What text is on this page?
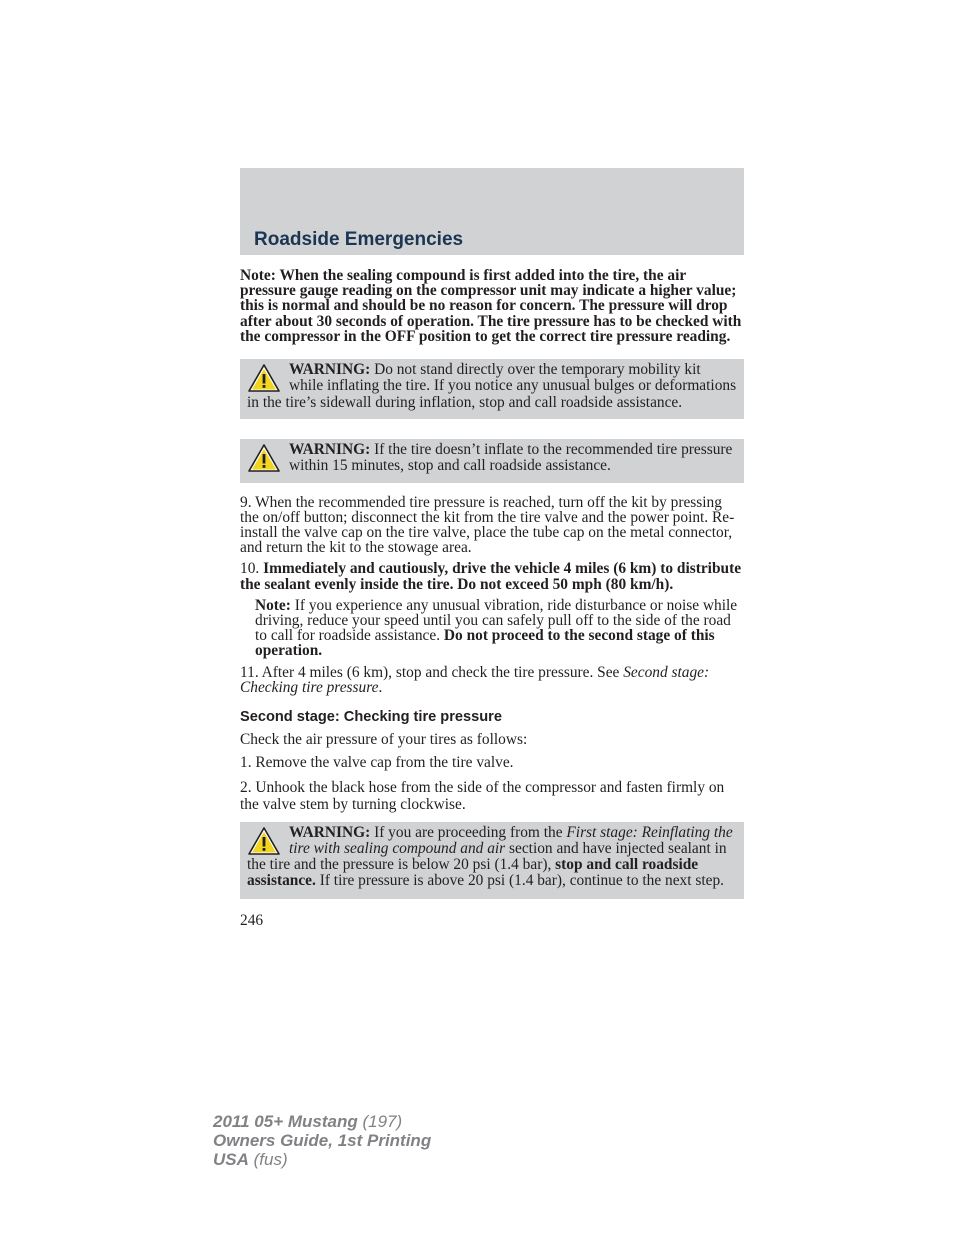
Roadside Emergencies

Note: When the sealing compound is first added into the tire, the air pressure gauge reading on the compressor unit may indicate a higher value; this is normal and should be no reason for concern. The pressure will drop after about 30 seconds of operation. The tire pressure has to be checked with the compressor in the OFF position to get the correct tire pressure reading.

WARNING: Do not stand directly over the temporary mobility kit while inflating the tire. If you notice any unusual bulges or deformations in the tire’s sidewall during inflation, stop and call roadside assistance.

WARNING: If the tire doesn’t inflate to the recommended tire pressure within 15 minutes, stop and call roadside assistance.

9. When the recommended tire pressure is reached, turn off the kit by pressing the on/off button; disconnect the kit from the tire valve and the power point. Re-install the valve cap on the tire valve, place the tube cap on the metal connector, and return the kit to the stowage area.

10. Immediately and cautiously, drive the vehicle 4 miles (6 km) to distribute the sealant evenly inside the tire. Do not exceed 50 mph (80 km/h).

Note: If you experience any unusual vibration, ride disturbance or noise while driving, reduce your speed until you can safely pull off to the side of the road to call for roadside assistance. Do not proceed to the second stage of this operation.

11. After 4 miles (6 km), stop and check the tire pressure. See Second stage: Checking tire pressure.

Second stage: Checking tire pressure

Check the air pressure of your tires as follows:

1. Remove the valve cap from the tire valve.

2. Unhook the black hose from the side of the compressor and fasten firmly on the valve stem by turning clockwise.

WARNING: If you are proceeding from the First stage: Reinflating the tire with sealing compound and air section and have injected sealant in the tire and the pressure is below 20 psi (1.4 bar), stop and call roadside assistance. If tire pressure is above 20 psi (1.4 bar), continue to the next step.

246
2011 05+ Mustang (197)
Owners Guide, 1st Printing
USA (fus)
